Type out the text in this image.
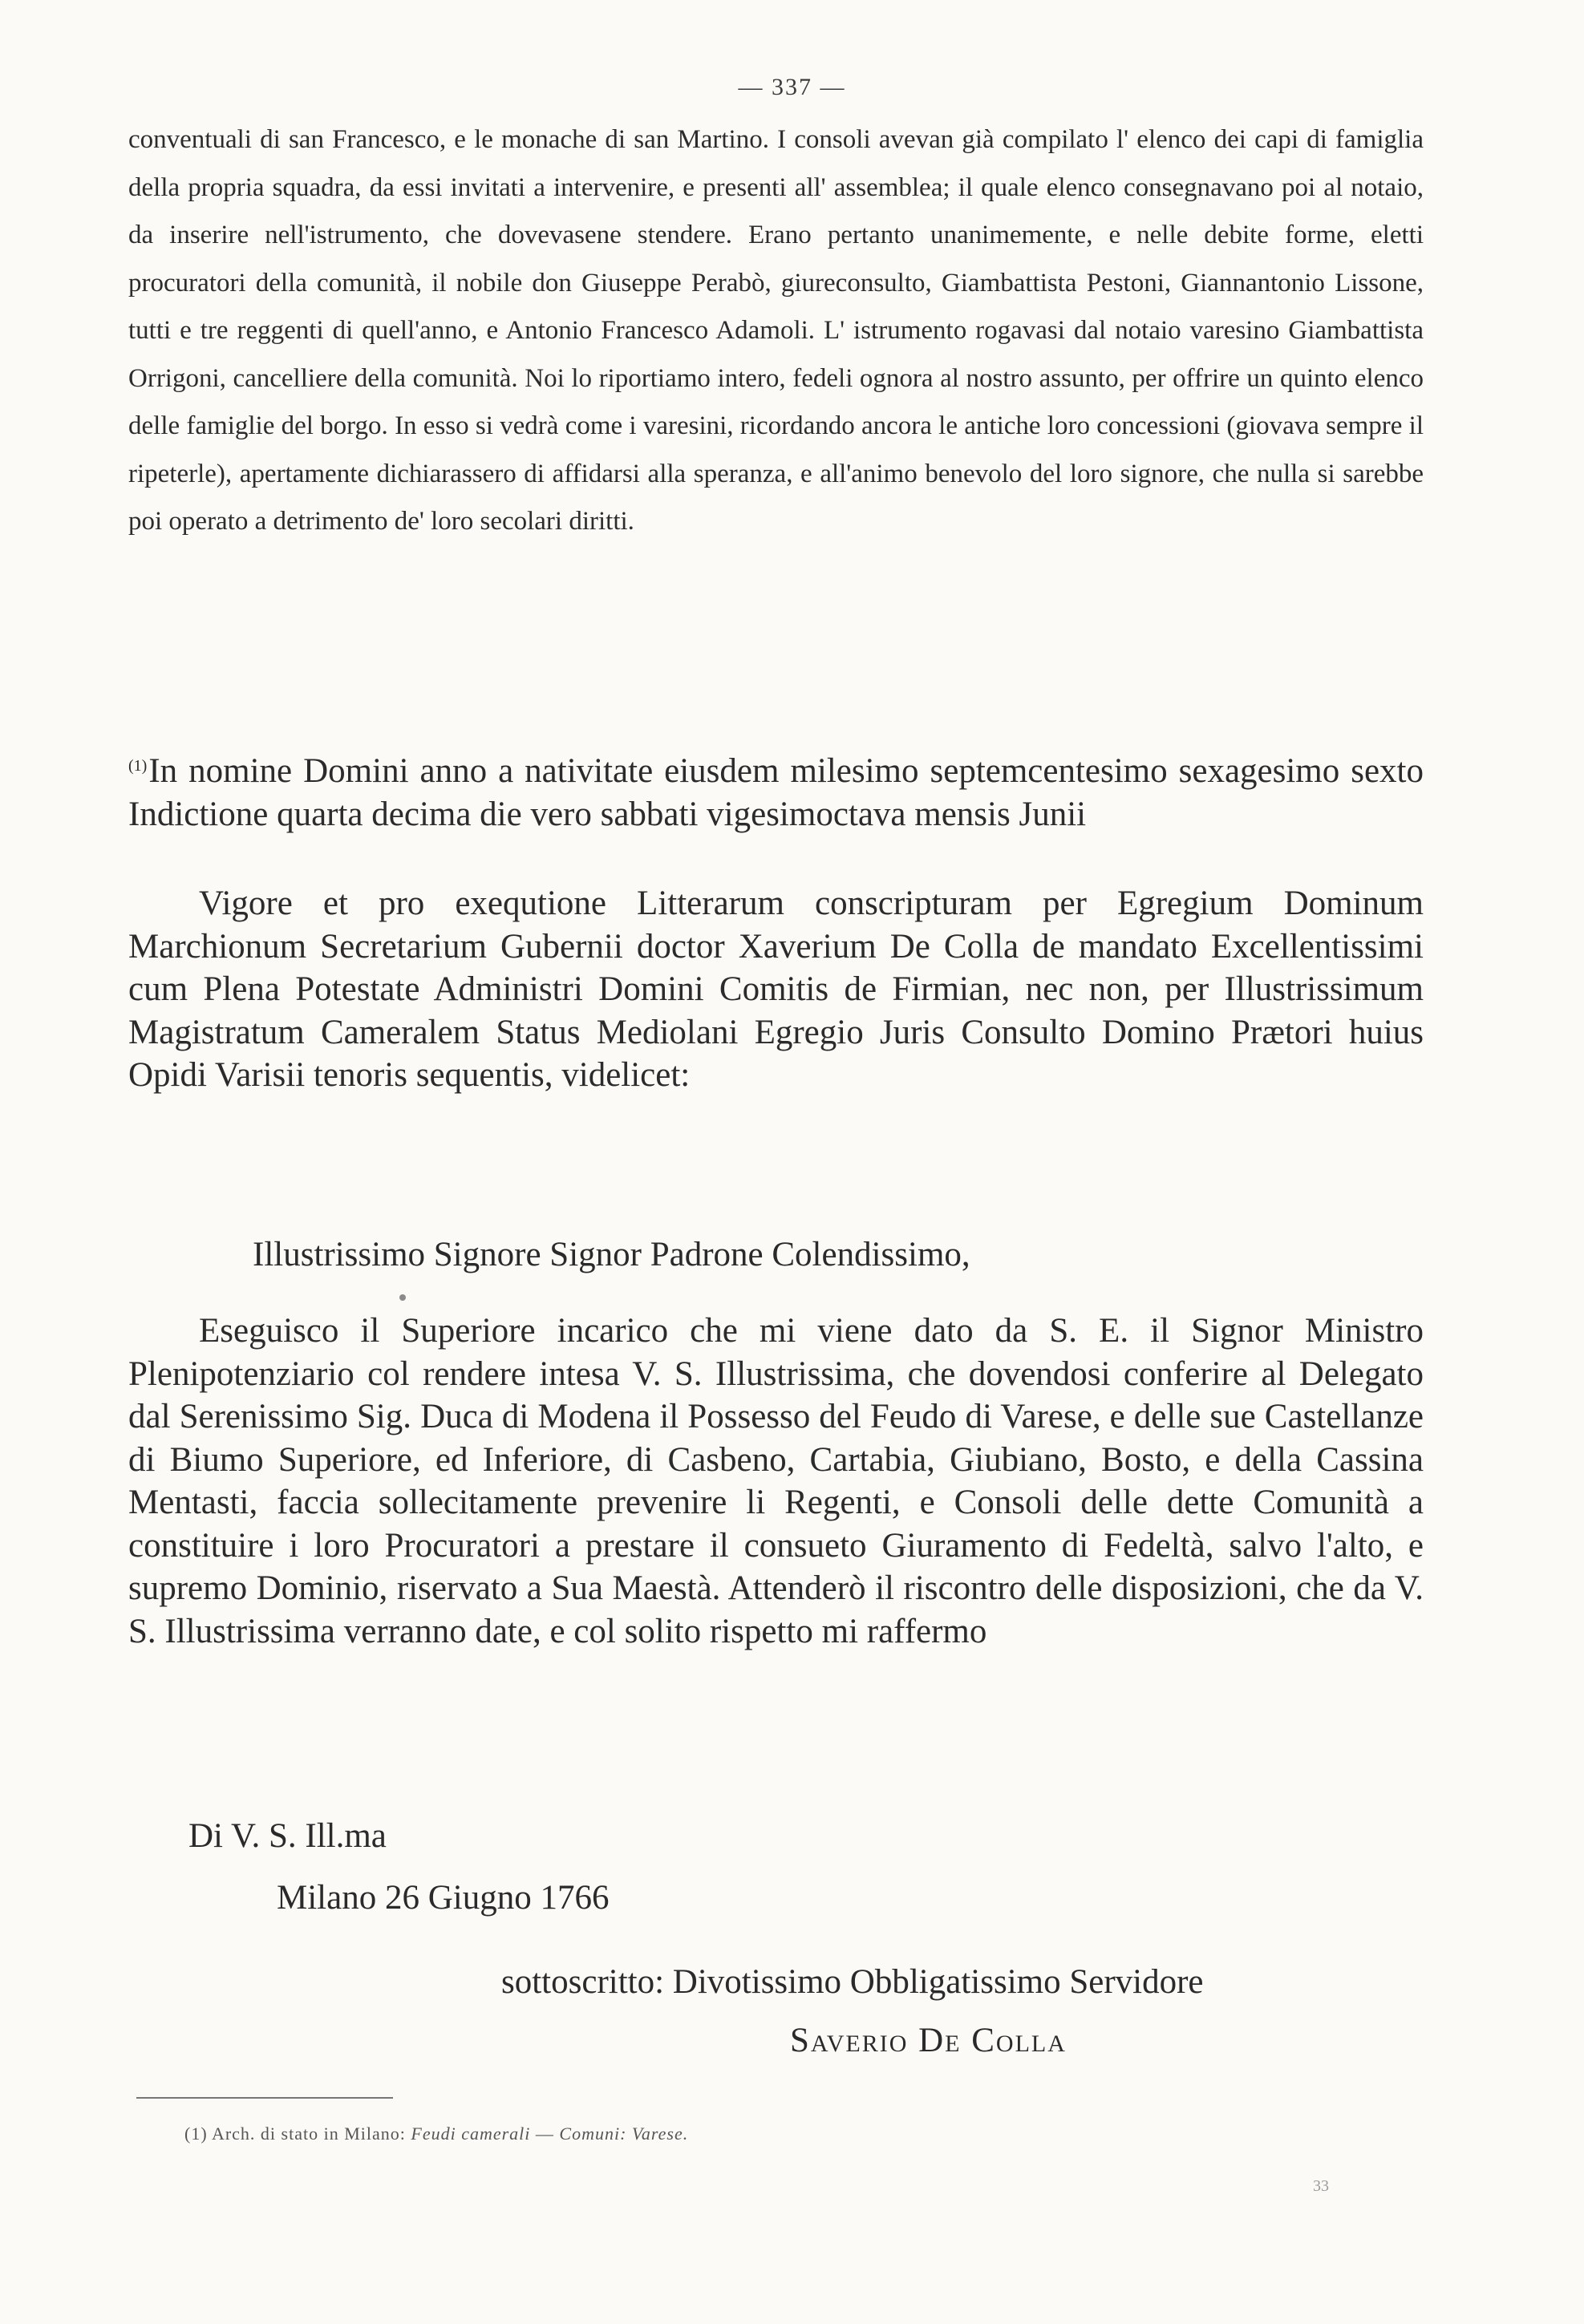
— 337 —

conventuali di san Francesco, e le monache di san Martino. I consoli avevan già compilato l' elenco dei capi di famiglia della propria squadra, da essi invitati a intervenire, e presenti all' assemblea; il quale elenco consegnavano poi al notaio, da inserire nell'istrumento, che dovevasene stendere. Erano pertanto unanimemente, e nelle debite forme, eletti procuratori della comunità, il nobile don Giuseppe Perabò, giureconsulto, Giambattista Pestoni, Giannantonio Lissone, tutti e tre reggenti di quell'anno, e Antonio Francesco Adamoli. L' istrumento rogavasi dal notaio varesino Giambattista Orrigoni, cancelliere della comunità. Noi lo riportiamo intero, fedeli ognora al nostro assunto, per offrire un quinto elenco delle famiglie del borgo. In esso si vedrà come i varesini, ricordando ancora le antiche loro concessioni (giovava sempre il ripeterle), apertamente dichiarassero di affidarsi alla speranza, e all'animo benevolo del loro signore, che nulla si sarebbe poi operato a detrimento de' loro secolari diritti.

$^{(1)}$In nomine Domini anno a nativitate eiusdem milesimo septemcentesimo sexagesimo sexto Indictione quarta decima die vero sabbati vigesimoctava mensis Junii

Vigore et pro exequtione Litterarum conscripturam per Egregium Dominum Marchionum Secretarium Gubernii doctor Xaverium De Colla de mandato Excellentissimi cum Plena Potestate Administri Domini Comitis de Firmian, nec non, per Illustrissimum Magistratum Cameralem Status Mediolani Egregio Juris Consulto Domino Prætori huius Opidi Varisii tenoris sequentis, videlicet:

Illustrissimo Signore Signor Padrone Colendissimo,

Eseguisco il Superiore incarico che mi viene dato da S. E. il Signor Ministro Plenipotenziario col rendere intesa V. S. Illustrissima, che dovendosi conferire al Delegato dal Serenissimo Sig. Duca di Modena il Possesso del Feudo di Varese, e delle sue Castellanze di Biumo Superiore, ed Inferiore, di Casbeno, Cartabia, Giubiano, Bosto, e della Cassina Mentasti, faccia sollecitamente prevenire li Regenti, e Consoli delle dette Comunità a constituire i loro Procuratori a prestare il consueto Giuramento di Fedeltà, salvo l'alto, e supremo Dominio, riservato a Sua Maestà. Attenderò il riscontro delle disposizioni, che da V. S. Illustrissima verranno date, e col solito rispetto mi raffermo

Di V. S. Ill.ma
Milano 26 Giugno 1766
sottoscritto: Divotissimo Obbligatissimo Servidore
Saverio De Colla
(1) Arch. di stato in Milano: Feudi camerali — Comuni: Varese.
33
